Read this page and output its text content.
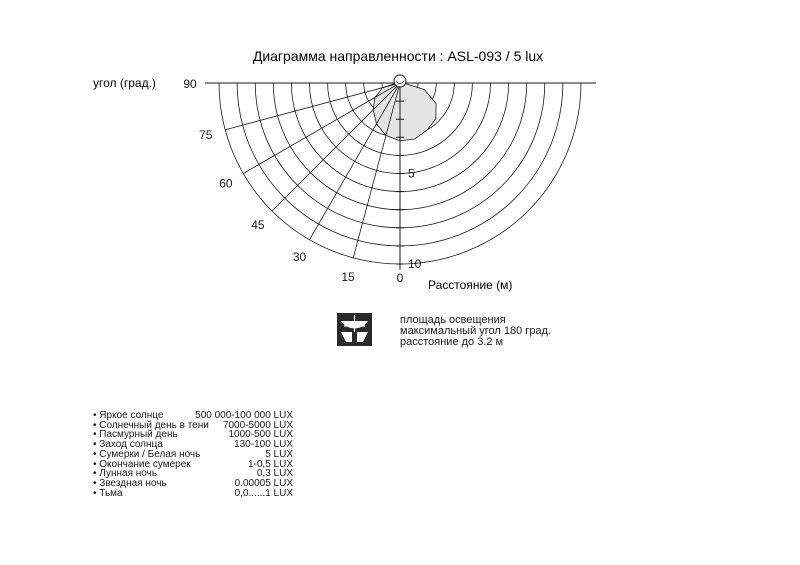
Диаграмма направленности : ASL-093 / 5 lux
угол (град.)
Расстояние (м)
90
75
60
45
30
15	0
5
10
площадь освещения
максимальный угол 180 град.
расстояние до 3.2 м
• Яркое солнце	500 000-100 000 LUX
• Солнечный день в тени 7000-5000 LUX
• Пасмурный день	1000-500 LUX
• Заход солнца	130-100 LUX
• Сумерки / Белая ночь	5 LUX
• Окончание сумерек	1-0,5 LUX
• Лунная ночь	0,3 LUX
• Звездная ночь	0.00005 LUX
• Тьма	0,0......1 LUX
